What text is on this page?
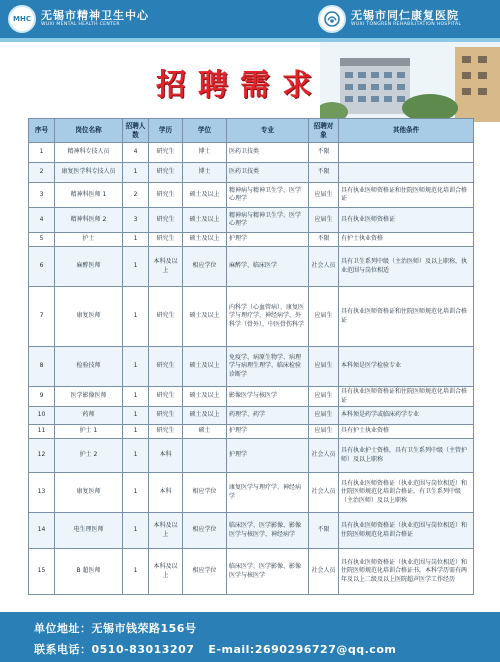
MHC 无锡市精神卫生中心
WUXI MENTAL HEALTH CENTER
无锡市同仁康复医院
WUXI TONGREN REHABILITATION HOSPITAL
招聘需求
序号	岗位名称	招聘人数	学历	学位	专业	招聘对象	其他条件
1	精神科专技人员	4	研究生	博士	医药卫技类	不限	
2	康复医学科专技人员	1	研究生	博士	医药卫技类	不限	
3	精神科医师 1	2	研究生	硕士及以上	精神病与精神卫生学、医学心理学	应届生	具有执业医师资格证和住院医师规范化培训合格证
4	精神科医师 2	3	研究生	硕士及以上	精神病与精神卫生学、医学心理学	应届生	具有执业医师资格证
5	护士	1	研究生	硕士及以上	护理学	不限	有护士执业资格
6	麻醉医师	1	本科及以上	相应学位	麻醉学、临床医学	社会人员	具有卫生系列中级（主治医师）及以上职称，执业范围与岗位相适
7	康复医师	1	研究生	硕士及以上	内科学（心血管病）、康复医学与理疗学、神经病学、外科学（骨外）、中医骨伤科学	应届生	具有执业医师资格证和住院医师规范化培训合格证
8	检验技师	1	研究生	硕士及以上	免疫学、病原生物学、病理学与病理生理学、临床检验诊断学	应届生	本科须是医学检验专业
9	医学影像医师	1	研究生	硕士及以上	影像医学与核医学	应届生	具有执业医师资格证和住院医师规范化培训合格证
10	药师	1	研究生	硕士及以上	药理学、药学	应届生	本科须是药学或临床药学专业
11	护士 1	1	研究生	硕士	护理学	应届生	具有护士执业资格
12	护士 2	1	本科		护理学	社会人员	具有执业护士资格，具有卫生系列中级（主管护师）及以上职称
13	康复医师	1	本科	相应学位	康复医学与理疗学、神经病学	社会人员	具有执业医师资格证（执业范围与岗位相适）和住院医师规范化培训合格证，有卫生系列中级（主治医师）及以上职称
14	电生理医师	1	本科及以上	相应学位	临床医学、医学影像、影像医学与核医学、神经病学	不限	具有执业医师资格证（执业范围与岗位相适）和住院医师规范化培训合格证
15	B 超医师	1	本科及以上	相应学位	临床医学、医学影像、影像医学与核医学	社会人员	具有执业医师资格证（执业范围与岗位相适）和住院医师规范化培训合格证书，本科学历需有两年及以上二级及以上医院超声医学工作经历
单位地址：无锡市钱荣路156号
联系电话：0510-83013207 E-mail:2690296727@qq.com
